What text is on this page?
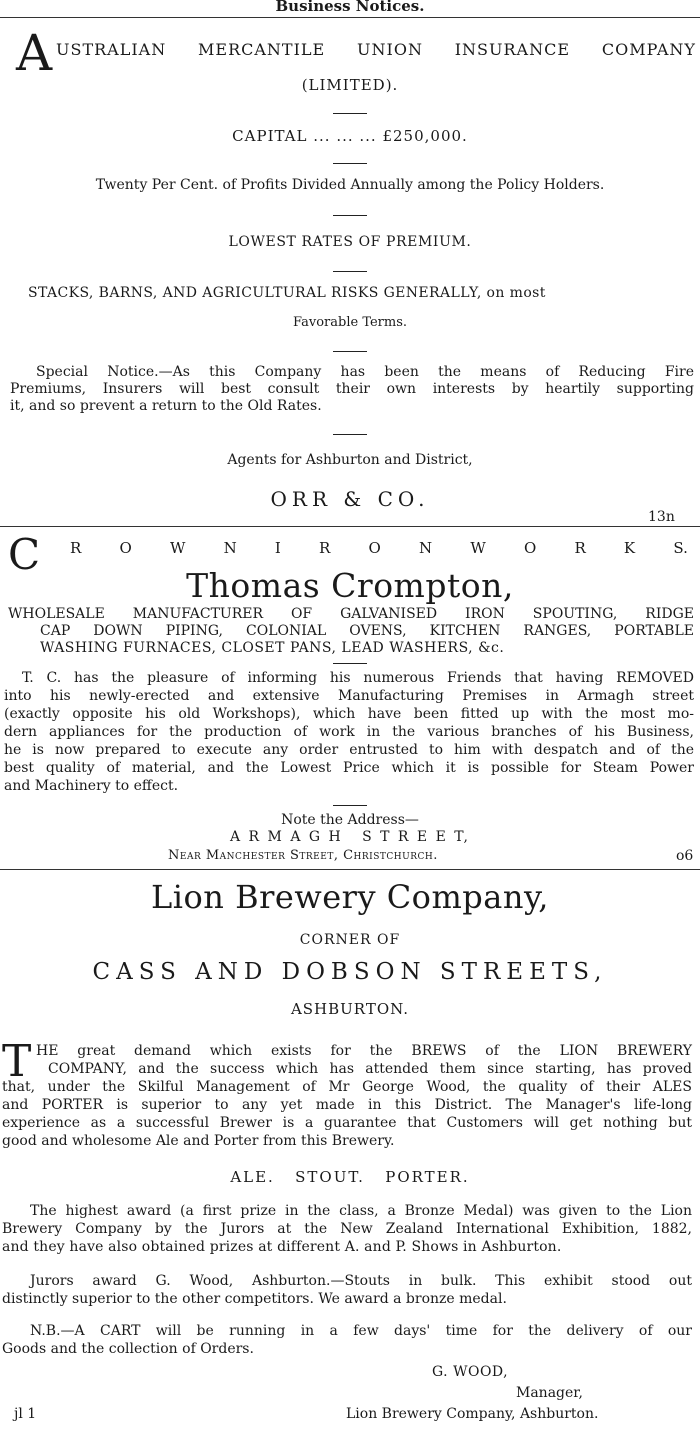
Business Notices.
A USTRALIAN MERCANTILE UNION INSURANCE COMPANY
(LIMITED).
CAPITAL ... ... ... £250,000.
Twenty Per Cent. of Profits Divided Annually among the Policy Holders.
LOWEST RATES OF PREMIUM.
STACKS, BARNS, AND AGRICULTURAL RISKS GENERALLY, on most
Favorable Terms.
Special Notice.—As this Company has been the means of Reducing Fire
Premiums, Insurers will best consult their own interests by heartily supporting
it, and so prevent a return to the Old Rates.
Agents for Ashburton and District,
ORR & CO.
13n
C R	O	W	N	I	R	O	N	W	O	R	K	S.
Thomas Crompton,
WHOLESALE MANUFACTURER OF GALVANISED IRON SPOUTING, RIDGE
CAP DOWN PIPING, COLONIAL OVENS, KITCHEN RANGES, PORTABLE
WASHING FURNACES, CLOSET PANS, LEAD WASHERS, &c.
T. C. has the pleasure of informing his numerous Friends that having REMOVED
into his newly-erected and extensive Manufacturing Premises in Armagh street
(exactly opposite his old Workshops), which have been fitted up with the most mo-
dern appliances for the production of work in the various branches of his Business,
he is now prepared to execute any order entrusted to him with despatch and of the
best quality of material, and the Lowest Price which it is possible for Steam Power
and Machinery to effect.
Note the Address—
A R M A G H   S T R E E T,
Near Manchester Street, Christchurch.	o6
Lion Brewery Company,
CORNER OF
CASS AND DOBSON STREETS,
ASHBURTON.
T HE great demand which exists for the BREWS of the LION BREWERY
COMPANY, and the success which has attended them since starting, has proved
that, under the Skilful Management of Mr George Wood, the quality of their ALES
and PORTER is superior to any yet made in this District. The Manager's life-long
experience as a successful Brewer is a guarantee that Customers will get nothing but
good and wholesome Ale and Porter from this Brewery.
ALE.   STOUT.   PORTER.
The highest award (a first prize in the class, a Bronze Medal) was given to the Lion
Brewery Company by the Jurors at the New Zealand International Exhibition, 1882,
and they have also obtained prizes at different A. and P. Shows in Ashburton.
Jurors award G. Wood, Ashburton.—Stouts in bulk. This exhibit stood out
distinctly superior to the other competitors. We award a bronze medal.
N.B.—A CART will be running in a few days' time for the delivery of our
Goods and the collection of Orders.
G. WOOD,
Manager,
jl 1	Lion Brewery Company, Ashburton.
